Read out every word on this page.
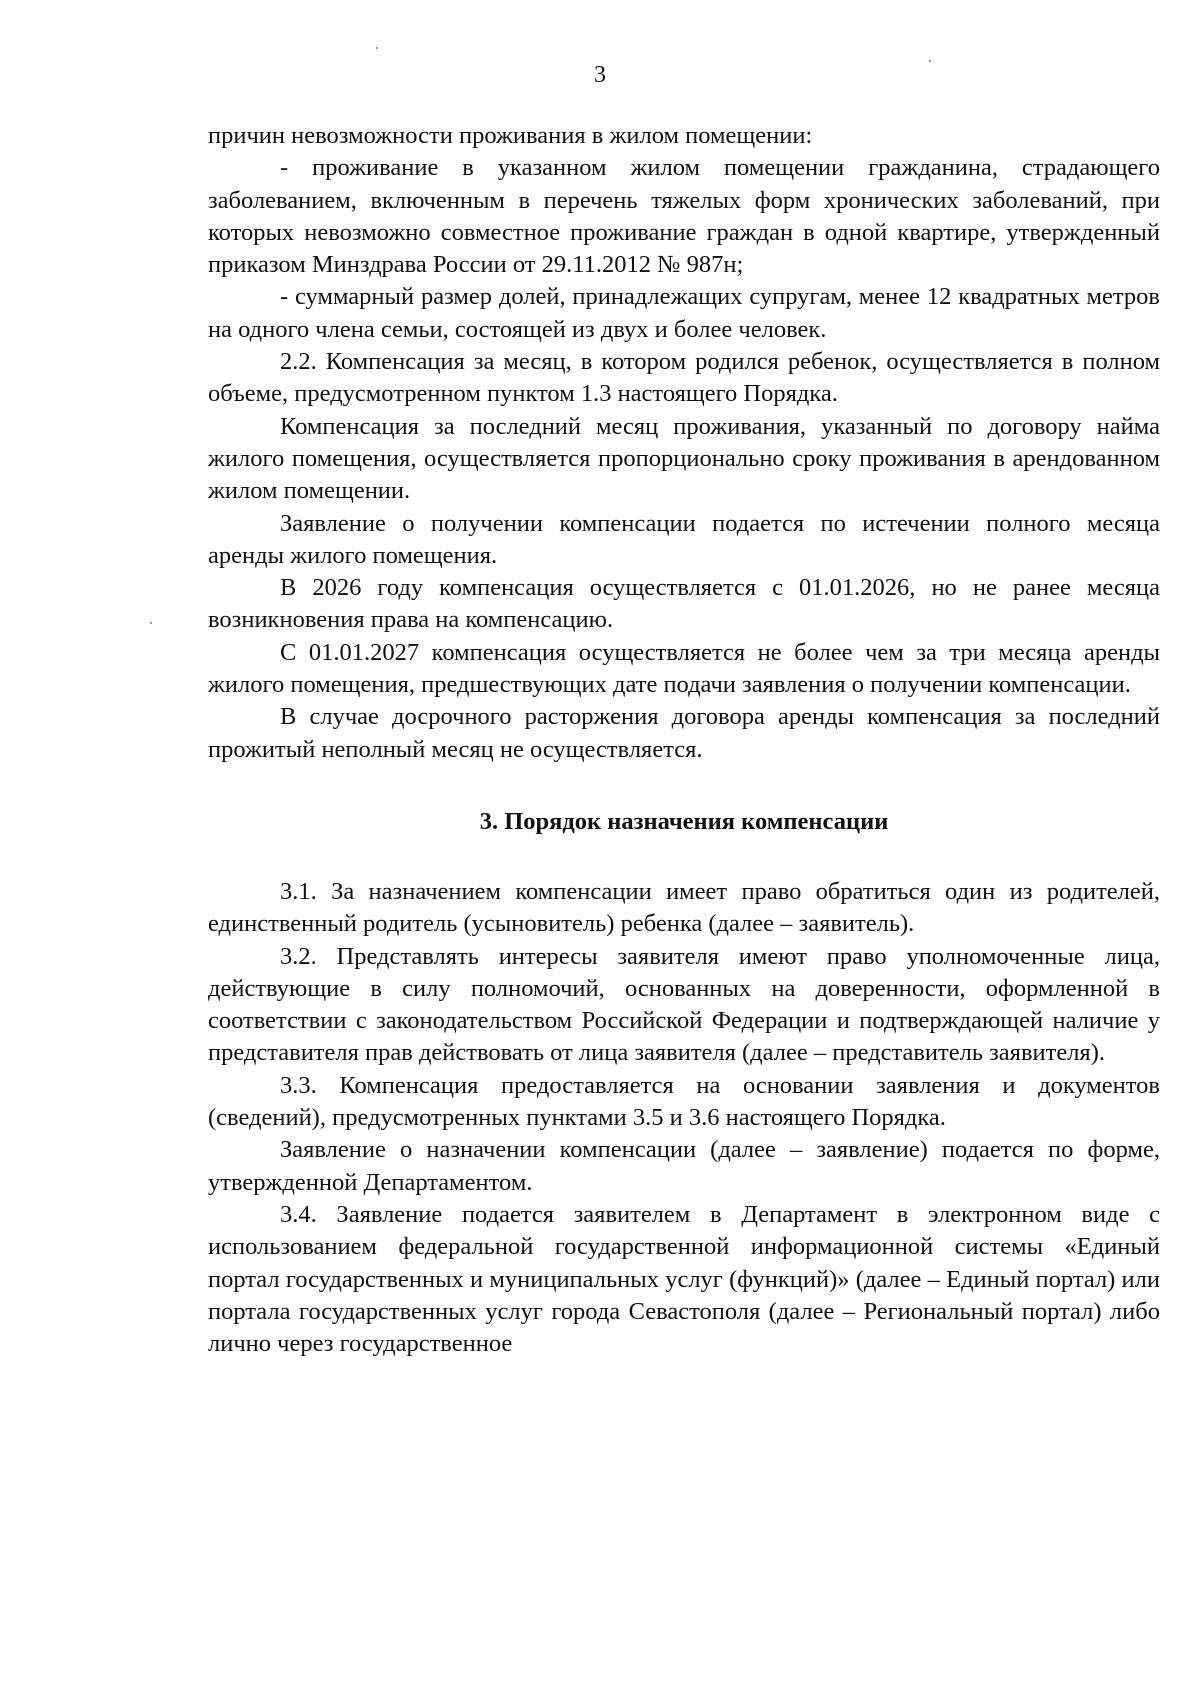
3

причин невозможности проживания в жилом помещении:

- проживание в указанном жилом помещении гражданина, страдающего заболеванием, включенным в перечень тяжелых форм хронических заболеваний, при которых невозможно совместное проживание граждан в одной квартире, утвержденный приказом Минздрава России от 29.11.2012 № 987н;

- суммарный размер долей, принадлежащих супругам, менее 12 квадратных метров на одного члена семьи, состоящей из двух и более человек.

2.2. Компенсация за месяц, в котором родился ребенок, осуществляется в полном объеме, предусмотренном пунктом 1.3 настоящего Порядка.

Компенсация за последний месяц проживания, указанный по договору найма жилого помещения, осуществляется пропорционально сроку проживания в арендованном жилом помещении.

Заявление о получении компенсации подается по истечении полного месяца аренды жилого помещения.

В 2026 году компенсация осуществляется с 01.01.2026, но не ранее месяца возникновения права на компенсацию.

С 01.01.2027 компенсация осуществляется не более чем за три месяца аренды жилого помещения, предшествующих дате подачи заявления о получении компенсации.

В случае досрочного расторжения договора аренды компенсация за последний прожитый неполный месяц не осуществляется.

3. Порядок назначения компенсации

3.1. За назначением компенсации имеет право обратиться один из родителей, единственный родитель (усыновитель) ребенка (далее – заявитель).

3.2. Представлять интересы заявителя имеют право уполномоченные лица, действующие в силу полномочий, основанных на доверенности, оформленной в соответствии с законодательством Российской Федерации и подтверждающей наличие у представителя прав действовать от лица заявителя (далее – представитель заявителя).

3.3. Компенсация предоставляется на основании заявления и документов (сведений), предусмотренных пунктами 3.5 и 3.6 настоящего Порядка.

Заявление о назначении компенсации (далее – заявление) подается по форме, утвержденной Департаментом.

3.4. Заявление подается заявителем в Департамент в электронном виде с использованием федеральной государственной информационной системы «Единый портал государственных и муниципальных услуг (функций)» (далее – Единый портал) или портала государственных услуг города Севастополя (далее – Региональный портал) либо лично через государственное
